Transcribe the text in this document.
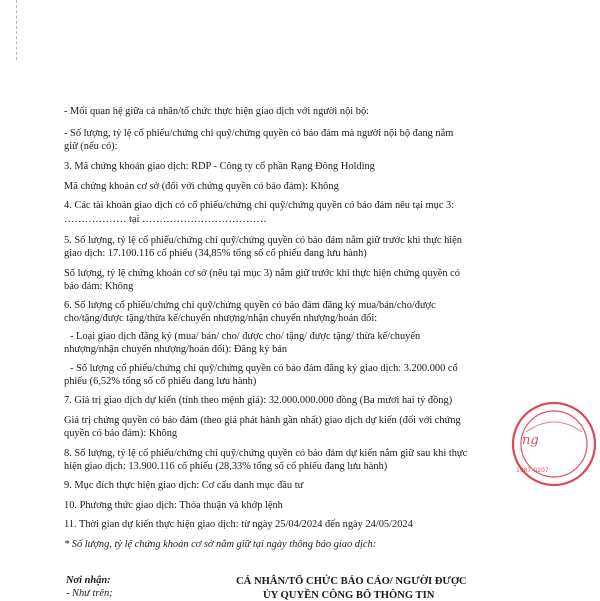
- Mối quan hệ giữa cá nhân/tổ chức thực hiện giao dịch với người nội bộ:
- Số lượng, tỷ lệ cổ phiếu/chứng chỉ quỹ/chứng quyền có bảo đảm mà người nội bộ đang nắm
giữ (nếu có):
3. Mã chứng khoán giao dịch: RDP - Công ty cổ phần Rạng Đông Holding
Mã chứng khoán cơ sở (đối với chứng quyền có bảo đảm): Không
4. Các tài khoản giao dịch có cổ phiếu/chứng chỉ quỹ/chứng quyền có bảo đảm nêu tại mục 3:
……………… tại ………………………………
5. Số lượng, tỷ lệ cổ phiếu/chứng chỉ quỹ/chứng quyền có bảo đảm nắm giữ trước khi thực hiện
giao dịch: 17.100.116 cổ phiếu (34,85% tổng số cổ phiếu đang lưu hành)
Số lượng, tỷ lệ chứng khoán cơ sở (nêu tại mục 3) nắm giữ trước khi thực hiện chứng quyền có
bảo đảm: Không
6. Số lượng cổ phiếu/chứng chỉ quỹ/chứng quyền có bảo đảm đăng ký mua/bán/cho/được
cho/tặng/được tặng/thừa kế/chuyển nhượng/nhận chuyển nhượng/hoán đổi:
- Loại giao dịch đăng ký (mua/ bán/ cho/ được cho/ tặng/ được tặng/ thừa kế/chuyển
nhượng/nhận chuyển nhượng/hoán đổi): Đăng ký bán
- Số lượng cổ phiếu/chứng chỉ quỹ/chứng quyền có bảo đảm đăng ký giao dịch: 3.200.000 cổ
phiếu (6,52% tổng số cổ phiếu đang lưu hành)
7. Giá trị giao dịch dự kiến (tính theo mệnh giá): 32.000.000.000 đồng (Ba mươi hai tỷ đồng)
Giá trị chứng quyền có bảo đảm (theo giá phát hành gần nhất) giao dịch dự kiến (đối với chứng
quyền có bảo đảm): Không
8. Số lượng, tỷ lệ cổ phiếu/chứng chỉ quỹ/chứng quyền có bảo đảm dự kiến nắm giữ sau khi thực
hiện giao dịch: 13.900.116 cổ phiếu (28,33% tổng số cổ phiếu đang lưu hành)
9. Mục đích thực hiện giao dịch: Cơ cấu danh mục đầu tư
10. Phương thức giao dịch: Thỏa thuận và khớp lệnh
11. Thời gian dự kiến thực hiện giao dịch: từ ngày 25/04/2024 đến ngày 24/05/2024
* Số lượng, tỷ lệ chứng khoán cơ sở nắm giữ tại ngày thông báo giao dịch:
Nơi nhận:
- Như trên;
CÁ NHÂN/TỔ CHỨC BÁO CÁO/ NGƯỜI ĐƯỢC
ỦY QUYỀN CÔNG BỐ THÔNG TIN
ng
1987-0207
